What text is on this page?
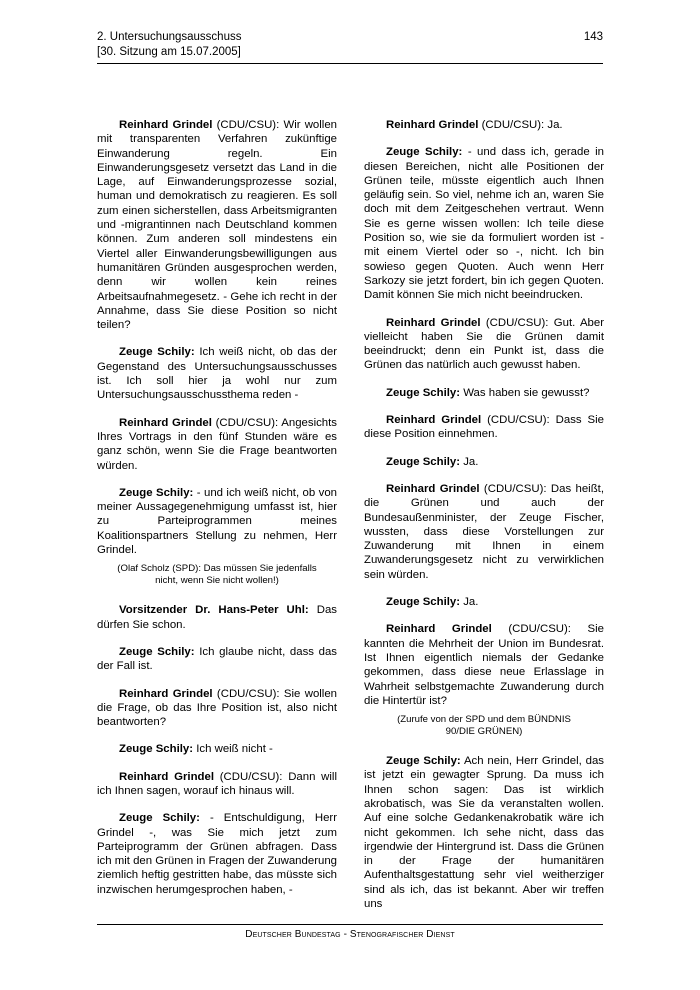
2. Untersuchungsausschuss
[30. Sitzung am 15.07.2005]
143

Reinhard Grindel (CDU/CSU): Wir wollen mit transparenten Verfahren zukünftige Einwanderung regeln. Ein Einwanderungsgesetz versetzt das Land in die Lage, auf Einwanderungsprozesse sozial, human und demokratisch zu reagieren. Es soll zum einen sicherstellen, dass Arbeitsmigranten und -migrantinnen nach Deutschland kommen können. Zum anderen soll mindestens ein Viertel aller Einwanderungsbewilligungen aus humanitären Gründen ausgesprochen werden, denn wir wollen kein reines Arbeitsaufnahmegesetz. - Gehe ich recht in der Annahme, dass Sie diese Position so nicht teilen?

Zeuge Schily: Ich weiß nicht, ob das der Gegenstand des Untersuchungsausschusses ist. Ich soll hier ja wohl nur zum Untersuchungsausschussthema reden -

Reinhard Grindel (CDU/CSU): Angesichts Ihres Vortrags in den fünf Stunden wäre es ganz schön, wenn Sie die Frage beantworten würden.

Zeuge Schily: - und ich weiß nicht, ob von meiner Aussagegenehmigung umfasst ist, hier zu Parteiprogrammen meines Koalitionspartners Stellung zu nehmen, Herr Grindel.

(Olaf Scholz (SPD): Das müssen Sie jedenfalls nicht, wenn Sie nicht wollen!)

Vorsitzender Dr. Hans-Peter Uhl: Das dürfen Sie schon.

Zeuge Schily: Ich glaube nicht, dass das der Fall ist.

Reinhard Grindel (CDU/CSU): Sie wollen die Frage, ob das Ihre Position ist, also nicht beantworten?

Zeuge Schily: Ich weiß nicht -

Reinhard Grindel (CDU/CSU): Dann will ich Ihnen sagen, worauf ich hinaus will.

Zeuge Schily: - Entschuldigung, Herr Grindel -, was Sie mich jetzt zum Parteiprogramm der Grünen abfragen. Dass ich mit den Grünen in Fragen der Zuwanderung ziemlich heftig gestritten habe, das müsste sich inzwischen herumgesprochen haben, -

Reinhard Grindel (CDU/CSU): Ja.

Zeuge Schily: - und dass ich, gerade in diesen Bereichen, nicht alle Positionen der Grünen teile, müsste eigentlich auch Ihnen geläufig sein. So viel, nehme ich an, waren Sie doch mit dem Zeitgeschehen vertraut. Wenn Sie es gerne wissen wollen: Ich teile diese Position so, wie sie da formuliert worden ist - mit einem Viertel oder so -, nicht. Ich bin sowieso gegen Quoten. Auch wenn Herr Sarkozy sie jetzt fordert, bin ich gegen Quoten. Damit können Sie mich nicht beeindrucken.

Reinhard Grindel (CDU/CSU): Gut. Aber vielleicht haben Sie die Grünen damit beeindruckt; denn ein Punkt ist, dass die Grünen das natürlich auch gewusst haben.

Zeuge Schily: Was haben sie gewusst?

Reinhard Grindel (CDU/CSU): Dass Sie diese Position einnehmen.

Zeuge Schily: Ja.

Reinhard Grindel (CDU/CSU): Das heißt, die Grünen und auch der Bundesaußenminister, der Zeuge Fischer, wussten, dass diese Vorstellungen zur Zuwanderung mit Ihnen in einem Zuwanderungsgesetz nicht zu verwirklichen sein würden.

Zeuge Schily: Ja.

Reinhard Grindel (CDU/CSU): Sie kannten die Mehrheit der Union im Bundesrat. Ist Ihnen eigentlich niemals der Gedanke gekommen, dass diese neue Erlasslage in Wahrheit selbstgemachte Zuwanderung durch die Hintertür ist?

(Zurufe von der SPD und dem BÜNDNIS 90/DIE GRÜNEN)

Zeuge Schily: Ach nein, Herr Grindel, das ist jetzt ein gewagter Sprung. Da muss ich Ihnen schon sagen: Das ist wirklich akrobatisch, was Sie da veranstalten wollen. Auf eine solche Gedankenakrobatik wäre ich nicht gekommen. Ich sehe nicht, dass das irgendwie der Hintergrund ist. Dass die Grünen in der Frage der humanitären Aufenthaltsgestattung sehr viel weitherziger sind als ich, das ist bekannt. Aber wir treffen uns

Deutscher Bundestag - Stenografischer Dienst
